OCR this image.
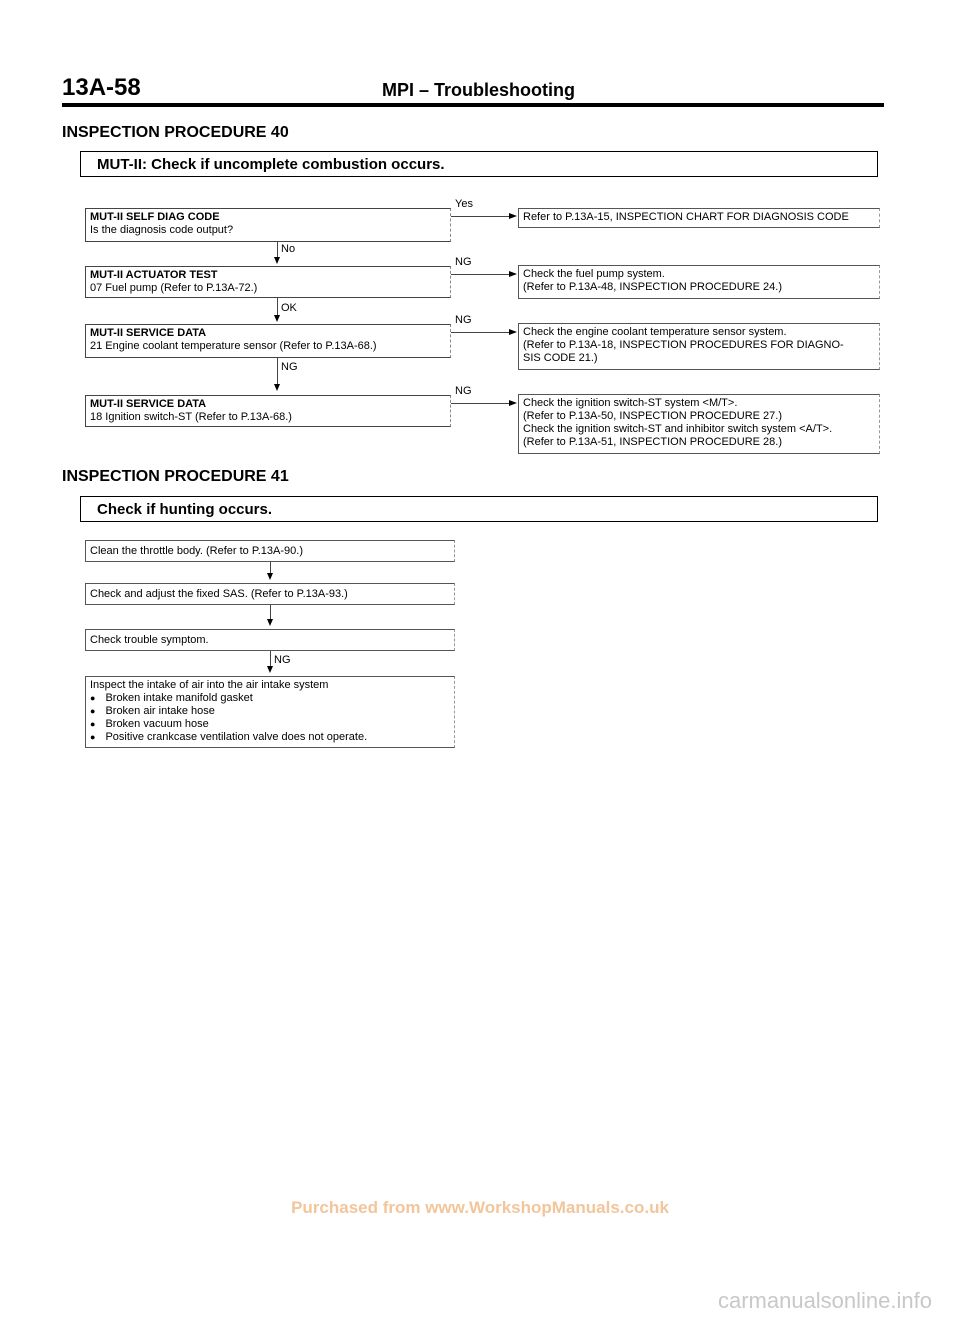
13A-58	MPI – Troubleshooting
INSPECTION PROCEDURE 40
MUT-II: Check if uncomplete combustion occurs.
MUT-II SELF DIAG CODE
Is the diagnosis code output?
Yes
Refer to P.13A-15, INSPECTION CHART FOR DIAGNOSIS CODE
No
MUT-II ACTUATOR TEST
07 Fuel pump (Refer to P.13A-72.)
NG
Check the fuel pump system.
(Refer to P.13A-48, INSPECTION PROCEDURE 24.)
OK
MUT-II SERVICE DATA
21 Engine coolant temperature sensor (Refer to P.13A-68.)
NG
Check the engine coolant temperature sensor system.
(Refer to P.13A-18, INSPECTION PROCEDURES FOR DIAGNO-
SIS CODE 21.)
NG
MUT-II SERVICE DATA
18 Ignition switch-ST (Refer to P.13A-68.)
NG
Check the ignition switch-ST system <M/T>.
(Refer to P.13A-50, INSPECTION PROCEDURE 27.)
Check the ignition switch-ST and inhibitor switch system <A/T>.
(Refer to P.13A-51, INSPECTION PROCEDURE 28.)
INSPECTION PROCEDURE 41
Check if hunting occurs.
Clean the throttle body. (Refer to P.13A-90.)
Check and adjust the fixed SAS. (Refer to P.13A-93.)
Check trouble symptom.
NG
Inspect the intake of air into the air intake system
● Broken intake manifold gasket
● Broken air intake hose
● Broken vacuum hose
● Positive crankcase ventilation valve does not operate.
Purchased from www.WorkshopManuals.co.uk
carmanualsonline.info
